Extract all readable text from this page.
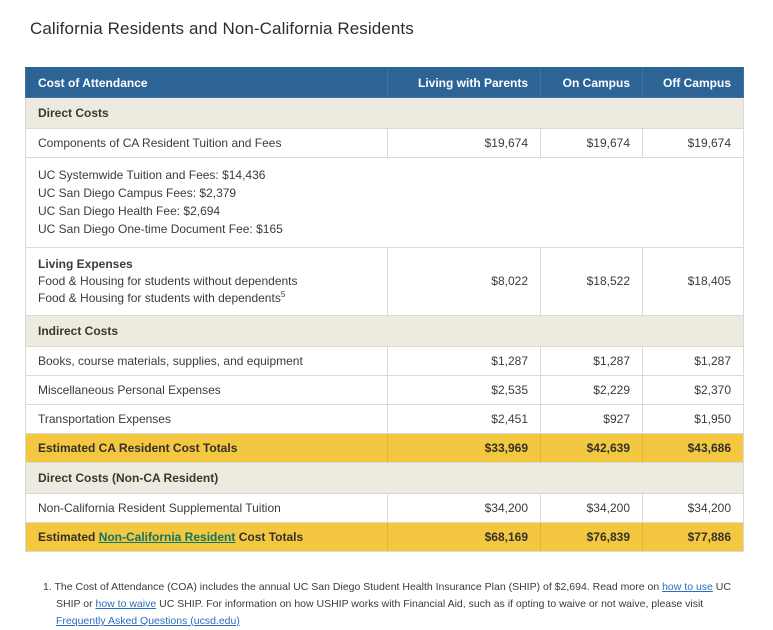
California Residents and Non-California Residents
Cost of Attendance	Living with Parents	On Campus	Off Campus
Direct Costs			
Components of CA Resident Tuition and Fees	$19,674	$19,674	$19,674

UC Systemwide Tuition and Fees: $14,436
UC San Diego Campus Fees: $2,379
UC San Diego Health Fee: $2,694
UC San Diego One-time Document Fee: $165			

Living Expenses
Food & Housing for students without dependents
Food & Housing for students with dependents$^5$	$8,022	$18,522	$18,405
Indirect Costs			
Books, course materials, supplies, and equipment	$1,287	$1,287	$1,287
Miscellaneous Personal Expenses	$2,535	$2,229	$2,370
Transportation Expenses	$2,451	$927	$1,950
Estimated CA Resident Cost Totals	$33,969	$42,639	$43,686
Direct Costs (Non-CA Resident)			
Non-California Resident Supplemental Tuition	$34,200	$34,200	$34,200
Estimated Non-California Resident Cost Totals	$68,169	$76,839	$77,886
1. The Cost of Attendance (COA) includes the annual UC San Diego Student Health Insurance Plan (SHIP) of $2,694. Read more on how to use UC SHIP or how to waive UC SHIP. For information on how USHIP works with Financial Aid, such as if opting to waive or not waive, please visit Frequently Asked Questions (ucsd.edu)
